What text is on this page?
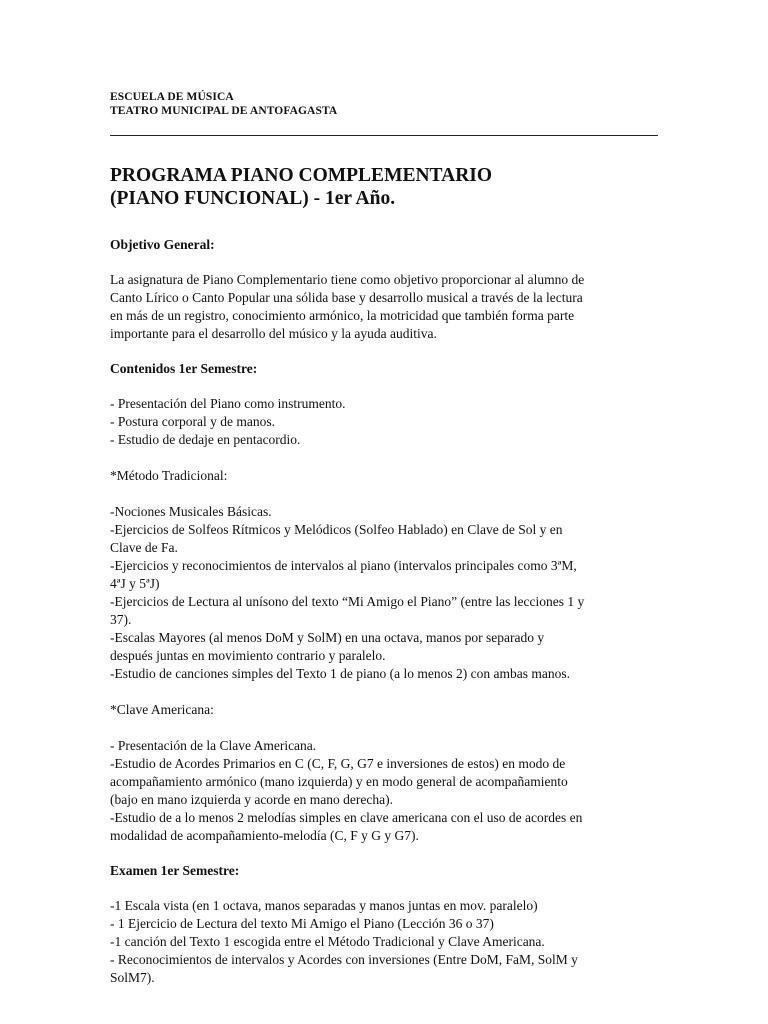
ESCUELA DE MÚSICA
TEATRO MUNICIPAL DE ANTOFAGASTA
PROGRAMA PIANO COMPLEMENTARIO
(PIANO FUNCIONAL) - 1er Año.
Objetivo General:

La asignatura de Piano Complementario tiene como objetivo proporcionar al alumno de

Canto Lírico o Canto Popular una sólida base y desarrollo musical a través de la lectura

en más de un registro, conocimiento armónico, la motricidad que también forma parte

importante para el desarrollo del músico y la ayuda auditiva.

Contenidos 1er Semestre:

- Presentación del Piano como instrumento.

- Postura corporal y de manos.

- Estudio de dedaje en pentacordio.

*Método Tradicional:

-Nociones Musicales Básicas.

-Ejercicios de Solfeos Rítmicos y Melódicos (Solfeo Hablado) en Clave de Sol y en

Clave de Fa.

-Ejercicios y reconocimientos de intervalos al piano (intervalos principales como 3ªM,

4ªJ y 5ªJ)

-Ejercicios de Lectura al unísono del texto “Mi Amigo el Piano” (entre las lecciones 1 y

37).

-Escalas Mayores (al menos DoM y SolM) en una octava, manos por separado y

después juntas en movimiento contrario y paralelo.

-Estudio de canciones simples del Texto 1 de piano (a lo menos 2) con ambas manos.

*Clave Americana:

- Presentación de la Clave Americana.

-Estudio de Acordes Primarios en C (C, F, G, G7 e inversiones de estos) en modo de

acompañamiento armónico (mano izquierda) y en modo general de acompañamiento

(bajo en mano izquierda y acorde en mano derecha).

-Estudio de a lo menos 2 melodías simples en clave americana con el uso de acordes en

modalidad de acompañamiento-melodía (C, F y G y G7).

Examen 1er Semestre:

-1 Escala vista (en 1 octava, manos separadas y manos juntas en mov. paralelo)

- 1 Ejercicio de Lectura del texto Mi Amigo el Piano (Lección 36 o 37)

-1 canción del Texto 1 escogida entre el Método Tradicional y Clave Americana.

- Reconocimientos de intervalos y Acordes con inversiones (Entre DoM, FaM, SolM y

SolM7).
